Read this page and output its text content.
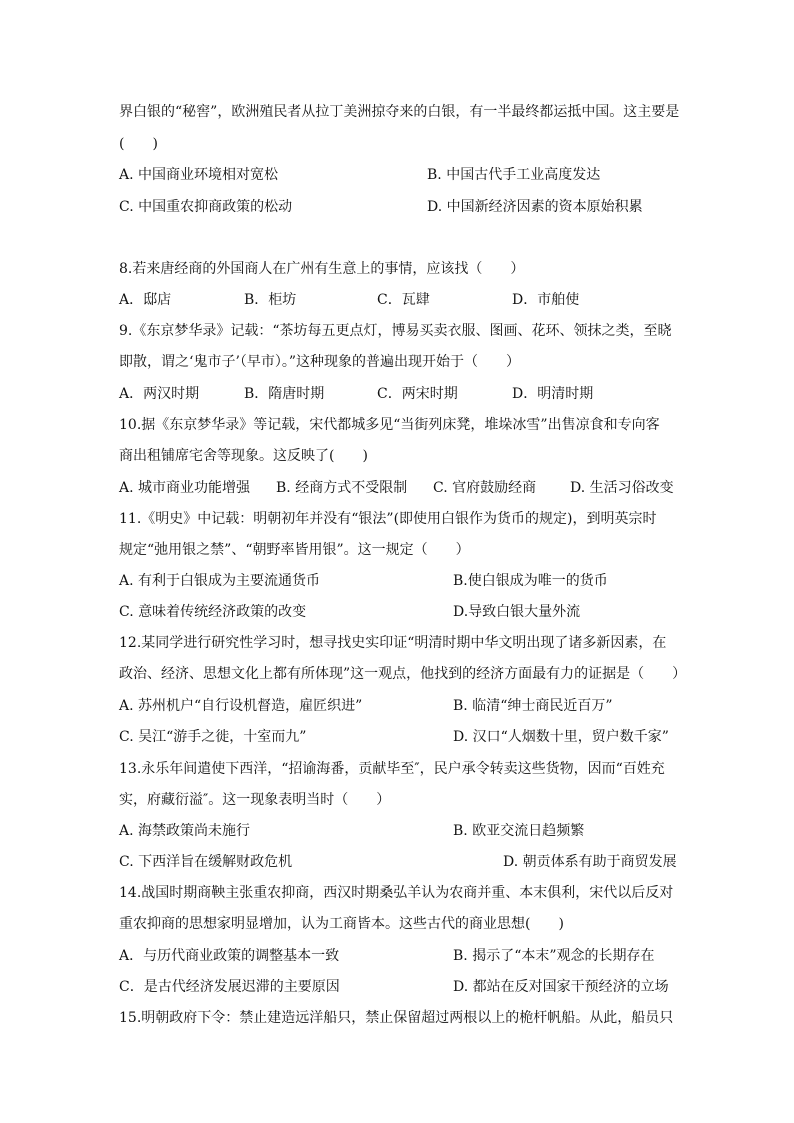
界白银的“秘窖”，欧洲殖民者从拉丁美洲掠夺来的白银，有一半最终都运抵中国。这主要是
(　　)
A. 中国商业环境相对宽松	B. 中国古代手工业高度发达
C. 中国重农抑商政策的松动	D. 中国新经济因素的资本原始积累
8.若来唐经商的外国商人在广州有生意上的事情，应该找（　　）
A．邸店	B．柜坊	C．瓦肆	D．市舶使
9.《东京梦华录》记载：“茶坊每五更点灯，博易买卖衣服、图画、花环、领抹之类，至晓
即散，谓之‘鬼市子’（早市）。”这种现象的普遍出现开始于（　　）
A．两汉时期	B．隋唐时期	C．两宋时期	D．明清时期
10.据《东京梦华录》等记载，宋代都城多见“当街列床凳，堆垛冰雪”出售凉食和专向客
商出租铺席宅舍等现象。这反映了(　　)
A. 城市商业功能增强 B. 经商方式不受限制 C. 官府鼓励经商 D. 生活习俗改变
11.《明史》中记载：明朝初年并没有“银法”(即使用白银作为货币的规定)，到明英宗时
规定“弛用银之禁”、“朝野率皆用银”。这一规定（　　）
A. 有利于白银成为主要流通货币	B.使白银成为唯一的货币
C. 意味着传统经济政策的改变	D.导致白银大量外流
12.某同学进行研究性学习时，想寻找史实印证“明清时期中华文明出现了诸多新因素，在
政治、经济、思想文化上都有所体现”这一观点，他找到的经济方面最有力的证据是（　　）
A. 苏州机户“自行设机督造，雇匠织进”	B. 临清“绅士商民近百万”
C. 吴江“游手之徙，十室而九”	D. 汉口“人烟数十里，贸户数千家”
13.永乐年间遣使下西洋，“招谕海番，贡献毕至″，民户承令转卖这些货物，因而“百姓充
实，府藏衍溢″。这一现象表明当时（　　）
A. 海禁政策尚未施行	B. 欧亚交流日趋频繁
C. 下西洋旨在缓解财政危机	D. 朝贡体系有助于商贸发展
14.战国时期商鞅主张重农抑商，西汉时期桑弘羊认为农商并重、本末俱利，宋代以后反对
重农抑商的思想家明显增加，认为工商皆本。这些古代的商业思想(　　)
A．与历代商业政策的调整基本一致	B. 揭示了“本末”观念的长期存在
C．是古代经济发展迟滞的主要原因	D. 都站在反对国家干预经济的立场
15.明朝政府下令：禁止建造远洋船只，禁止保留超过两根以上的桅杆帆船。从此，船员只
